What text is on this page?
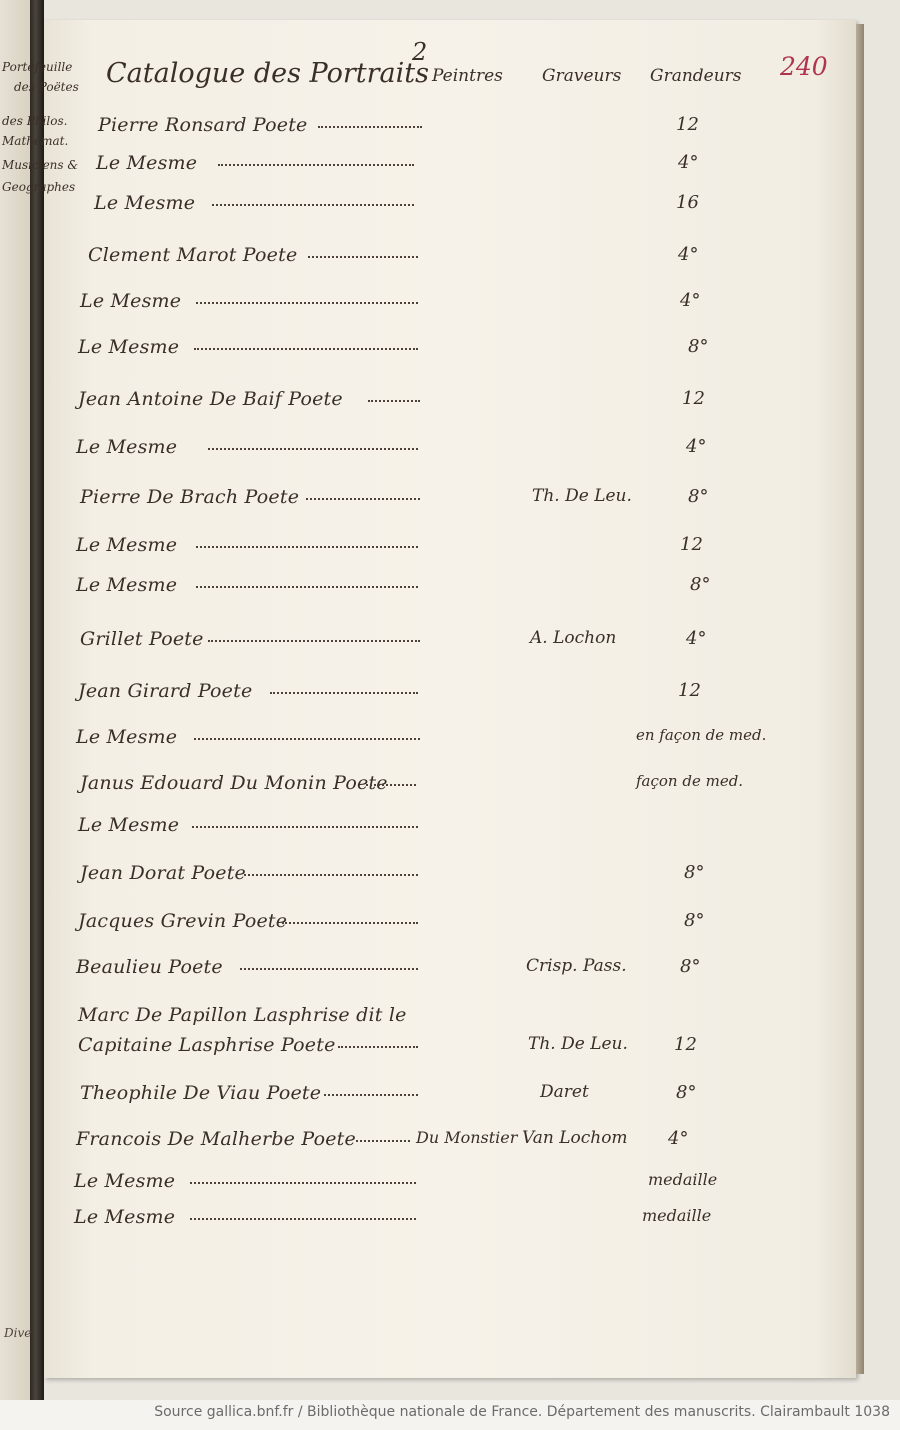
Portefeuille
des Poëtes
des Philos.
Mathemat.
Musiciens &
Geographes
2	240
Catalogue des Portraits Peintres Graveurs Grandeurs
Pierre Ronsard Poete	12
Le Mesme	4°
Le Mesme	16
Clement Marot Poete	4°
Le Mesme	4°
Le Mesme	8°
Jean Antoine De Baif Poete	12
Le Mesme	4°
Pierre De Brach Poete	Th. De Leu.	8°
Le Mesme	12
Le Mesme	8°
Grillet Poete	A. Lochon	4°
Jean Girard Poete	12
Le Mesme	en façon de med.
Janus Edouard Du Monin Poete	façon de med.
Le Mesme
Jean Dorat Poete	8°
Jacques Grevin Poete	8°
Beaulieu Poete	Crisp. Pass.	8°
Marc De Papillon Lasphrise dit le
Capitaine Lasphrise Poete	Th. De Leu.	12
Theophile De Viau Poete	Daret	8°
Francois De Malherbe Poete	Du Monstier Van Lochom 4°
Le Mesme	medaille
Le Mesme	medaille
Dive
Source gallica.bnf.fr / Bibliothèque nationale de France. Département des manuscrits. Clairambault 1038
